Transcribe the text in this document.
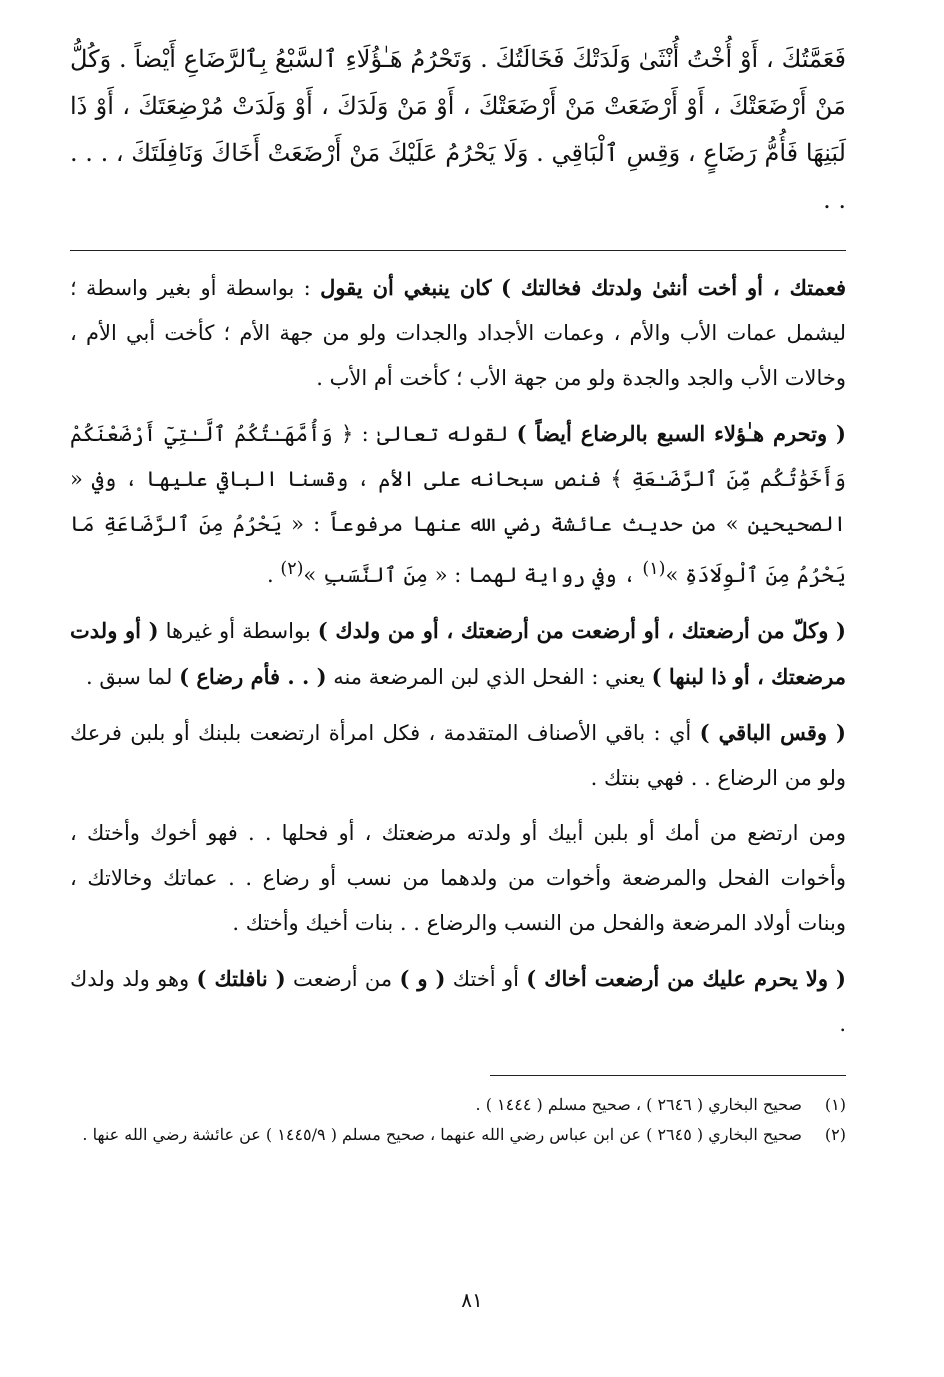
فَعَمَّتُكَ ، أَوْ أُخْتُ أُنْثَىٰ وَلَدَتْكَ فَخَالَتُكَ . وَتَحْرُمُ هَـٰؤُلَاءِ ٱلسَّبْعُ بِٱلرَّضَاعِ أَيْضاً . وَكُلُّ مَنْ أَرْضَعَتْكَ ، أَوْ أَرْضَعَتْ مَنْ أَرْضَعَتْكَ ، أَوْ مَنْ وَلَدَكَ ، أَوْ وَلَدَتْ مُرْضِعَتَكَ ، أَوْ ذَا لَبَنِهَا فَأُمُّ رَضَاعٍ ، وَقِسِ ٱلْبَاقِي . وَلَا يَحْرُمُ عَلَيْكَ مَنْ أَرْضَعَتْ أَخَاكَ وَنَافِلَتَكَ ، . . . . .

فعمتك ، أو أخت أنثىٰ ولدتك فخالتك ) كان ينبغي أن يقول : بواسطة أو بغير واسطة ؛ ليشمل عمات الأب والأم ، وعمات الأجداد والجدات ولو من جهة الأم ؛ كأخت أبي الأم ، وخالات الأب والجد والجدة ولو من جهة الأب ؛ كأخت أم الأب .

( وتحرم هـٰؤلاء السبع بالرضاع أيضاً ) لقوله تعالىٰ : ﴿ وَأُمَّهَـٰتُكُمُ ٱلَّـٰتِيٓ أَرْضَعْنَكُمْ وَأَخَوَٰتُكُم مِّنَ ٱلرَّضَـٰعَةِ ﴾ فنص سبحانه على الأم ، وقسنا الباقي عليها ، وفي « الصحيحين » من حديث عائشة رضي الله عنها مرفوعاً : « يَحْرُمُ مِنَ ٱلرَّضَاعَةِ مَا يَحْرُمُ مِنَ ٱلْوِلَادَةِ »$^{(١)}$ ، وفي رواية لهما : « مِنَ ٱلنَّسَبِ »$^{(٢)}$ .

( وكلّ من أرضعتك ، أو أرضعت من أرضعتك ، أو من ولدك ) بواسطة أو غيرها ( أو ولدت مرضعتك ، أو ذا لبنها ) يعني : الفحل الذي لبن المرضعة منه ( . . فأم رضاع ) لما سبق .

( وقس الباقي ) أي : باقي الأصناف المتقدمة ، فكل امرأة ارتضعت بلبنك أو بلبن فرعك ولو من الرضاع . . فهي بنتك .

ومن ارتضع من أمك أو بلبن أبيك أو ولدته مرضعتك ، أو فحلها . . فهو أخوك وأختك ، وأخوات الفحل والمرضعة وأخوات من ولدهما من نسب أو رضاع . . عماتك وخالاتك ، وبنات أولاد المرضعة والفحل من النسب والرضاع . . بنات أخيك وأختك .

( ولا يحرم عليك من أرضعت أخاك ) أو أختك ( و ) من أرضعت ( نافلتك ) وهو ولد ولدك .

(١)
صحيح البخاري ( ٢٦٤٦ ) ، صحيح مسلم ( ١٤٤٤ ) .

(٢)
صحيح البخاري ( ٢٦٤٥ ) عن ابن عباس رضي الله عنهما ، صحيح مسلم ( ١٤٤٥/٩ ) عن عائشة رضي الله عنها .

٨١
